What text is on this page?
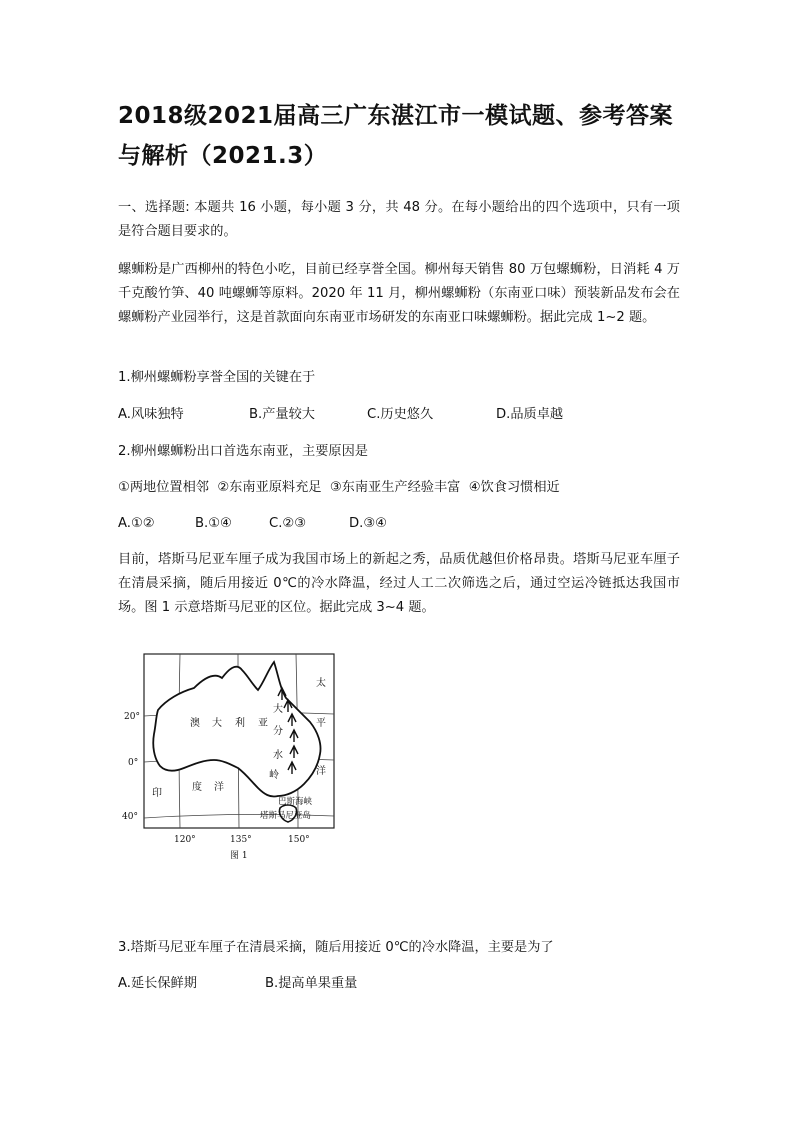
2018级2021届高三广东湛江市一模试题、参考答案与解析（2021.3）
一、选择题: 本题共 16 小题，每小题 3 分，共 48 分。在每小题给出的四个选项中，只有一项是符合题目要求的。
螺蛳粉是广西柳州的特色小吃，目前已经享誉全国。柳州每天销售 80 万包螺蛳粉，日消耗 4 万千克酸竹笋、40 吨螺蛳等原料。2020 年 11 月，柳州螺蛳粉（东南亚口味）预装新品发布会在螺蛳粉产业园举行，这是首款面向东南亚市场研发的东南亚口味螺蛳粉。据此完成 1~2 题。
1.柳州螺蛳粉享誉全国的关键在于
A.风味独特	B.产量较大	C.历史悠久	D.品质卓越
2.柳州螺蛳粉出口首选东南亚，主要原因是
①两地位置相邻  ②东南亚原料充足  ③东南亚生产经验丰富  ④饮食习惯相近
A.①②	B.①④	C.②③	D.③④
目前，塔斯马尼亚车厘子成为我国市场上的新起之秀，品质优越但价格昂贵。塔斯马尼亚车厘子在清晨采摘，随后用接近 0℃的冷水降温，经过人工二次筛选之后，通过空运冷链抵达我国市场。图 1 示意塔斯马尼亚的区位。据此完成 3~4 题。
澳 大 利 亚
大
分
水
岭
太
平
洋
印
度 洋
巴斯海峡
塔斯马尼亚岛
20°
0°
40°
120°	135°	150°
图 1
3.塔斯马尼亚车厘子在清晨采摘，随后用接近 0℃的冷水降温，主要是为了
A.延长保鲜期	B.提高单果重量
